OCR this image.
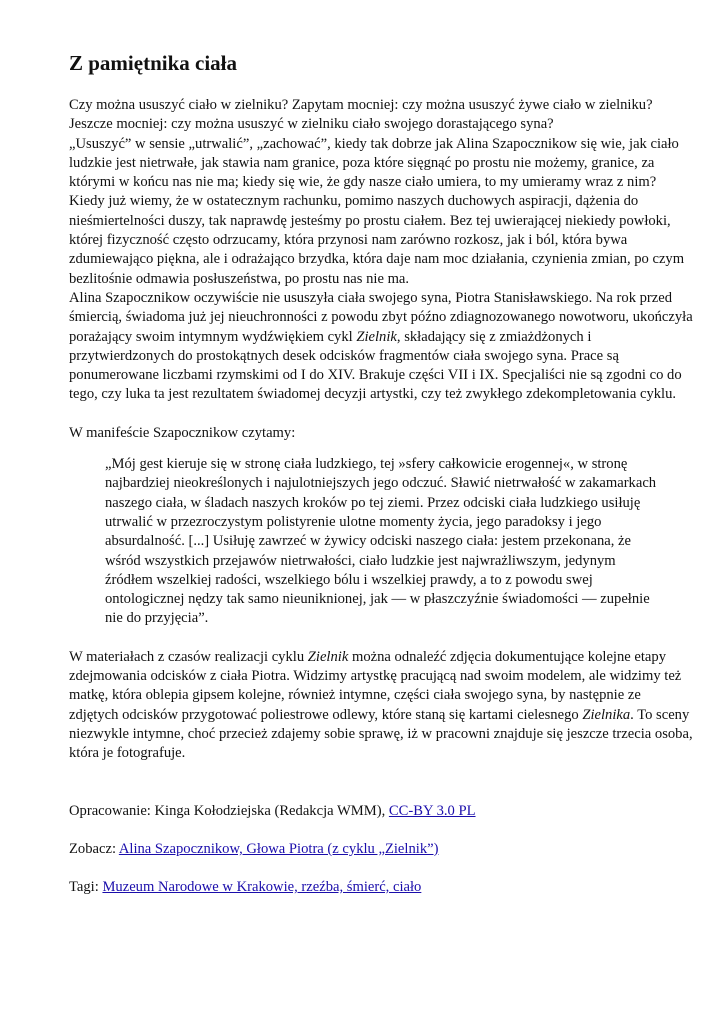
Z pamiętnika ciała

Czy można ususzyć ciało w zielniku? Zapytam mocniej: czy można ususzyć żywe ciało w zielniku? Jeszcze mocniej: czy można ususzyć w zielniku ciało swojego dorastającego syna?

„Ususzyć” w sensie „utrwalić”, „zachować”, kiedy tak dobrze jak Alina Szapocznikow się wie, jak ciało ludzkie jest nietrwałe, jak stawia nam granice, poza które sięgnąć po prostu nie możemy, granice, za którymi w końcu nas nie ma; kiedy się wie, że gdy nasze ciało umiera, to my umieramy wraz z nim? Kiedy już wiemy, że w ostatecznym rachunku, pomimo naszych duchowych aspiracji, dążenia do nieśmiertelności duszy, tak naprawdę jesteśmy po prostu ciałem. Bez tej uwierającej niekiedy powłoki, której fizyczność często odrzucamy, która przynosi nam zarówno rozkosz, jak i ból, która bywa zdumiewająco piękna, ale i odrażająco brzydka, która daje nam moc działania, czynienia zmian, po czym bezlitośnie odmawia posłuszeństwa, po prostu nas nie ma.

Alina Szapocznikow oczywiście nie ususzyła ciała swojego syna, Piotra Stanisławskiego. Na rok przed śmiercią, świadoma już jej nieuchronności z powodu zbyt późno zdiagnozowanego nowotworu, ukończyła porażający swoim intymnym wydźwiękiem cykl Zielnik, składający się z zmiażdżonych i przytwierdzonych do prostokątnych desek odcisków fragmentów ciała swojego syna. Prace są ponumerowane liczbami rzymskimi od I do XIV. Brakuje części VII i IX. Specjaliści nie są zgodni co do tego, czy luka ta jest rezultatem świadomej decyzji artystki, czy też zwykłego zdekompletowania cyklu.

W manifeście Szapocznikow czytamy:

„Mój gest kieruje się w stronę ciała ludzkiego, tej »sfery całkowicie erogennej«, w stronę najbardziej nieokreślonych i najulotniejszych jego odczuć. Sławić nietrwałość w zakamarkach naszego ciała, w śladach naszych kroków po tej ziemi. Przez odciski ciała ludzkiego usiłuję utrwalić w przezroczystym polistyrenie ulotne momenty życia, jego paradoksy i jego absurdalność. [...] Usiłuję zawrzeć w żywicy odciski naszego ciała: jestem przekonana, że wśród wszystkich przejawów nietrwałości, ciało ludzkie jest najwrażliwszym, jedynym źródłem wszelkiej radości, wszelkiego bólu i wszelkiej prawdy, a to z powodu swej ontologicznej nędzy tak samo nieuniknionej, jak — w płaszczyźnie świadomości — zupełnie nie do przyjęcia”.

W materiałach z czasów realizacji cyklu Zielnik można odnaleźć zdjęcia dokumentujące kolejne etapy zdejmowania odcisków z ciała Piotra. Widzimy artystkę pracującą nad swoim modelem, ale widzimy też matkę, która oblepia gipsem kolejne, również intymne, części ciała swojego syna, by następnie ze zdjętych odcisków przygotować poliestrowe odlewy, które staną się kartami cielesnego Zielnika. To sceny niezwykle intymne, choć przecież zdajemy sobie sprawę, iż w pracowni znajduje się jeszcze trzecia osoba, która je fotografuje.

Opracowanie: Kinga Kołodziejska (Redakcja WMM), CC-BY 3.0 PL

Zobacz: Alina Szapocznikow, Głowa Piotra (z cyklu „Zielnik”)

Tagi: Muzeum Narodowe w Krakowie, rzeźba, śmierć, ciało
